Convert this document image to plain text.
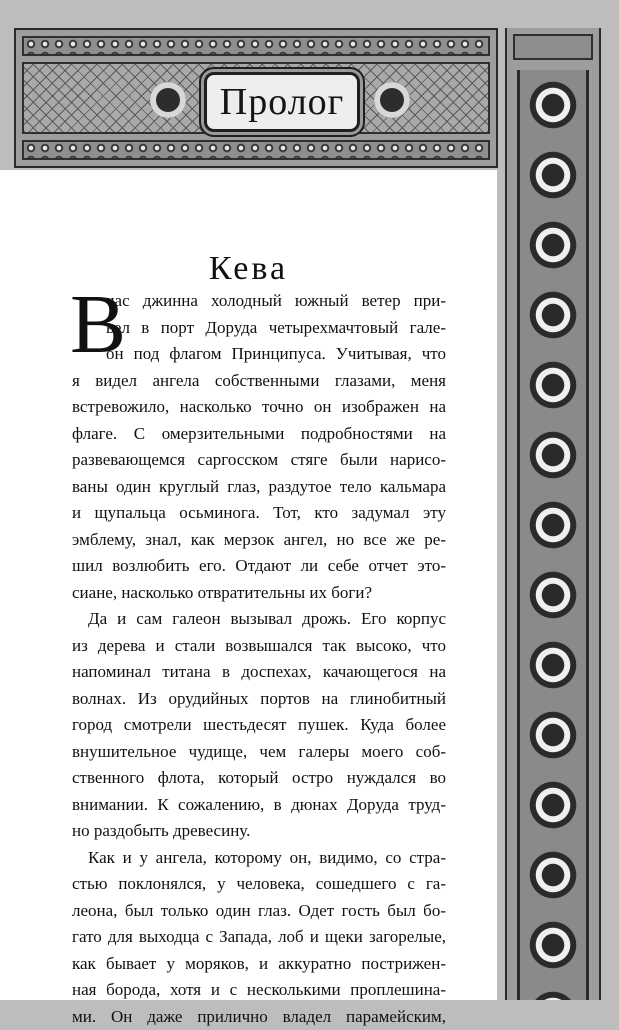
Пролог
Кева
В
час джинна холодный южный ветер при-
вел в порт Доруда четырехмачтовый гале-
он под флагом Принципуса. Учитывая, что
я видел ангела собственными глазами, меня
встревожило, насколько точно он изображен на
флаге. С омерзительными подробностями на
развевающемся саргосском стяге были нарисо-
ваны один круглый глаз, раздутое тело кальмара
и щупальца осьминога. Тот, кто задумал эту
эмблему, знал, как мерзок ангел, но все же ре-
шил возлюбить его. Отдают ли себе отчет это-
сиане, насколько отвратительны их боги?
Да и сам галеон вызывал дрожь. Его корпус
из дерева и стали возвышался так высоко, что
напоминал титана в доспехах, качающегося на
волнах. Из орудийных портов на глинобитный
город смотрели шестьдесят пушек. Куда более
внушительное чудище, чем галеры моего соб-
ственного флота, который остро нуждался во
внимании. К сожалению, в дюнах Доруда труд-
но раздобыть древесину.
Как и у ангела, которому он, видимо, со стра-
стью поклонялся, у человека, сошедшего с га-
леона, был только один глаз. Одет гость был бо-
гато для выходца с Запада, лоб и щеки загорелые,
как бывает у моряков, и аккуратно пострижен-
ная борода, хотя и с несколькими проплешина-
ми. Он даже прилично владел парамейским,
